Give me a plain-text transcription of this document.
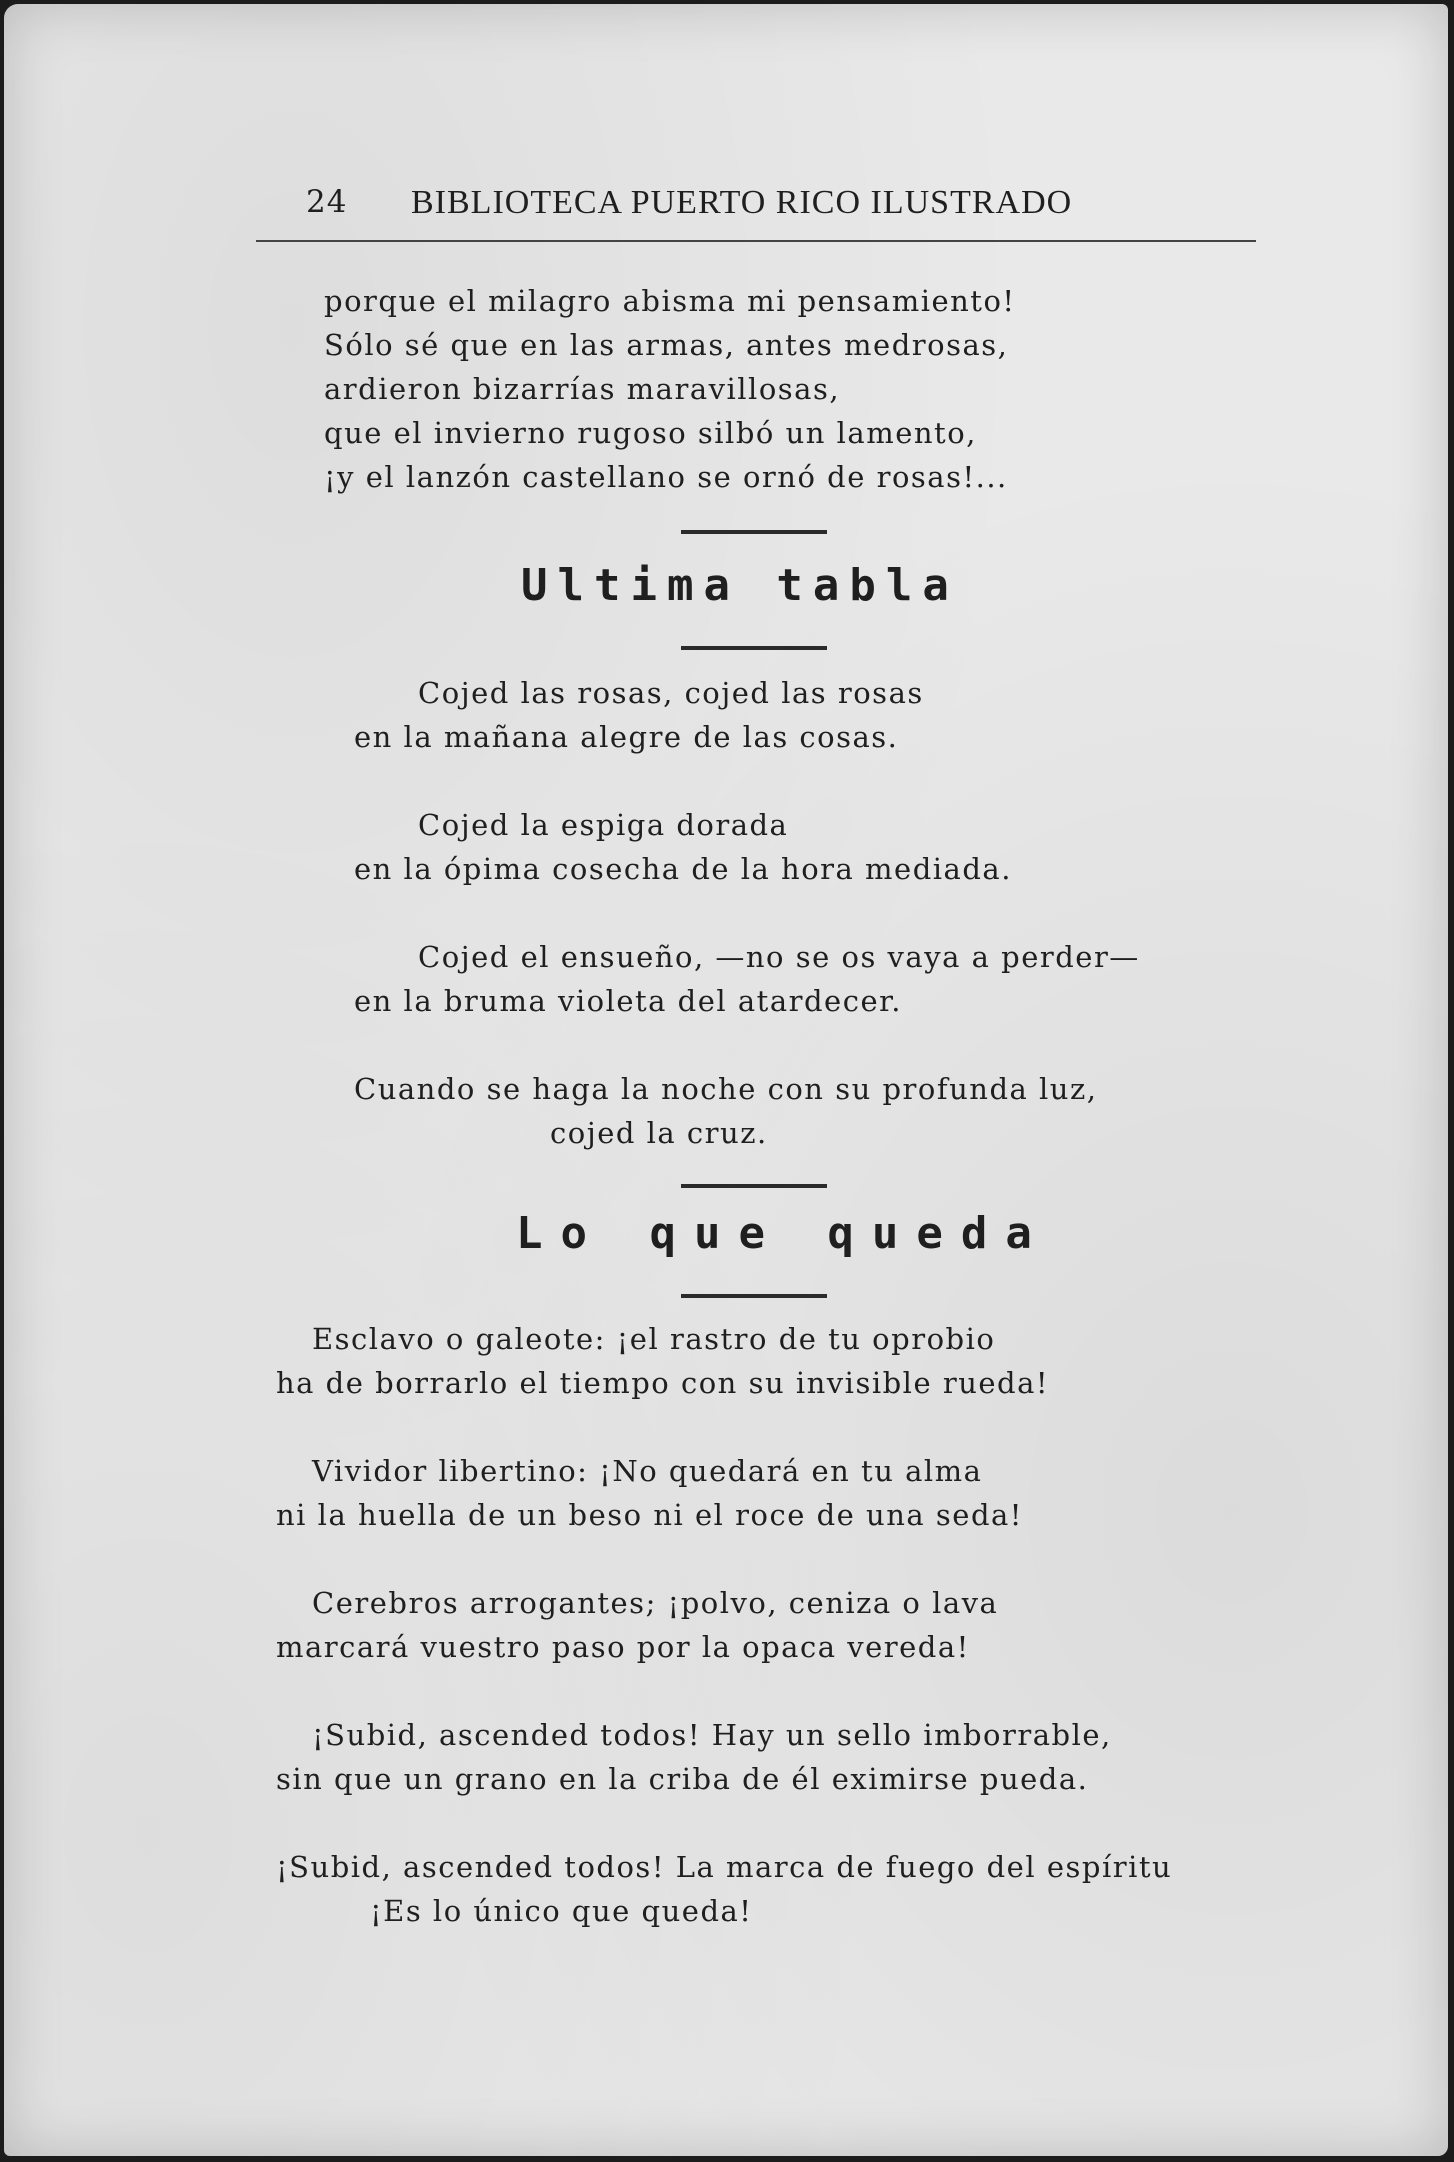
24 BIBLIOTECA PUERTO RICO ILUSTRADO
porque el milagro abisma mi pensamiento!
Sólo sé que en las armas, antes medrosas,
ardieron bizarrías maravillosas,
que el invierno rugoso silbó un lamento,
¡y el lanzón castellano se ornó de rosas!...
Ultima tabla
Cojed las rosas, cojed las rosas
en la mañana alegre de las cosas.
Cojed la espiga dorada
en la ópima cosecha de la hora mediada.
Cojed el ensueño, —no se os vaya a perder—
en la bruma violeta del atardecer.
Cuando se haga la noche con su profunda luz,
cojed la cruz.
Lo que queda
Esclavo o galeote: ¡el rastro de tu oprobio
ha de borrarlo el tiempo con su invisible rueda!
Vividor libertino: ¡No quedará en tu alma
ni la huella de un beso ni el roce de una seda!
Cerebros arrogantes; ¡polvo, ceniza o lava
marcará vuestro paso por la opaca vereda!
¡Subid, ascended todos! Hay un sello imborrable,
sin que un grano en la criba de él eximirse pueda.
¡Subid, ascended todos! La marca de fuego del espíritu
¡Es lo único que queda!
